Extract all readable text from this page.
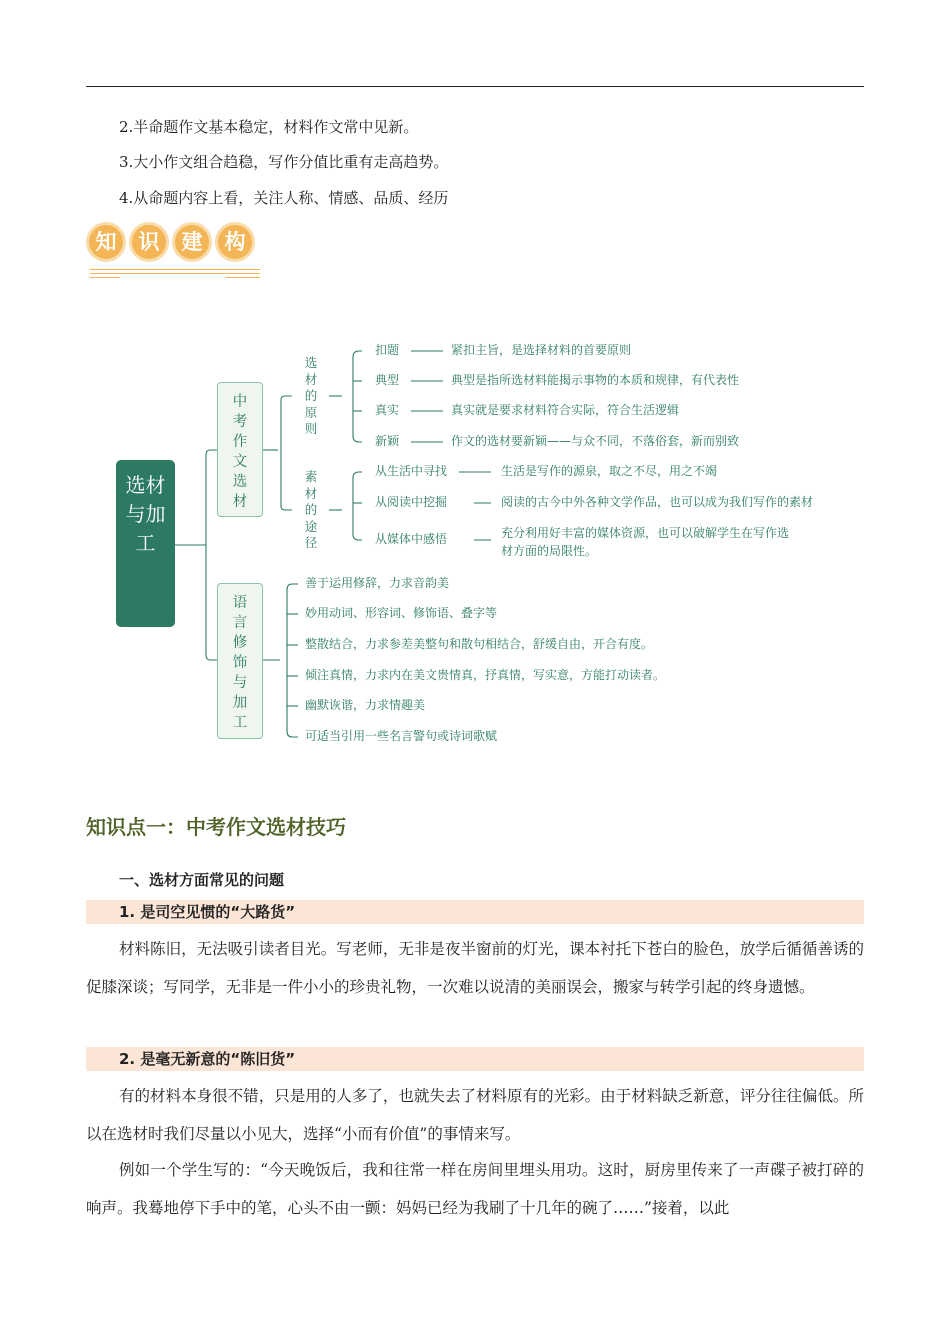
2.半命题作文基本稳定，材料作文常中见新。
3.大小作文组合趋稳，写作分值比重有走高趋势。
4.从命题内容上看，关注人称、情感、品质、经历
知	识	建	构
选材与加工
中考作文选材
语言修饰与加工
选材的原则
素材的途径
扣题	紧扣主旨，是选择材料的首要原则
典型	典型是指所选材料能揭示事物的本质和规律，有代表性
真实	真实就是要求材料符合实际，符合生活逻辑
新颖	作文的选材要新颖——与众不同，不落俗套，新而别致
从生活中寻找	生活是写作的源泉，取之不尽，用之不竭
从阅读中挖掘	阅读的古今中外各种文学作品，也可以成为我们写作的素材
从媒体中感悟	充分利用好丰富的媒体资源，也可以破解学生在写作选材方面的局限性。
善于运用修辞，力求音韵美
妙用动词、形容词、修饰语、叠字等
整散结合，力求参差美整句和散句相结合，舒缓自由，开合有度。
倾注真情，力求内在美文贵情真，抒真情，写实意，方能打动读者。
幽默诙谐，力求情趣美
可适当引用一些名言警句或诗词歌赋
知识点一：中考作文选材技巧
一、选材方面常见的问题
1. 是司空见惯的“大路货”
材料陈旧，无法吸引读者目光。写老师，无非是夜半窗前的灯光，课本衬托下苍白的脸色，放学后循循善诱的促膝深谈；写同学，无非是一件小小的珍贵礼物，一次难以说清的美丽误会，搬家与转学引起的终身遗憾。
2. 是毫无新意的“陈旧货”
有的材料本身很不错，只是用的人多了，也就失去了材料原有的光彩。由于材料缺乏新意，评分往往偏低。所以在选材时我们尽量以小见大，选择“小而有价值”的事情来写。
例如一个学生写的：“今天晚饭后，我和往常一样在房间里埋头用功。这时，厨房里传来了一声碟子被打碎的响声。我蓦地停下手中的笔，心头不由一颤：妈妈已经为我刷了十几年的碗了……”接着，以此
